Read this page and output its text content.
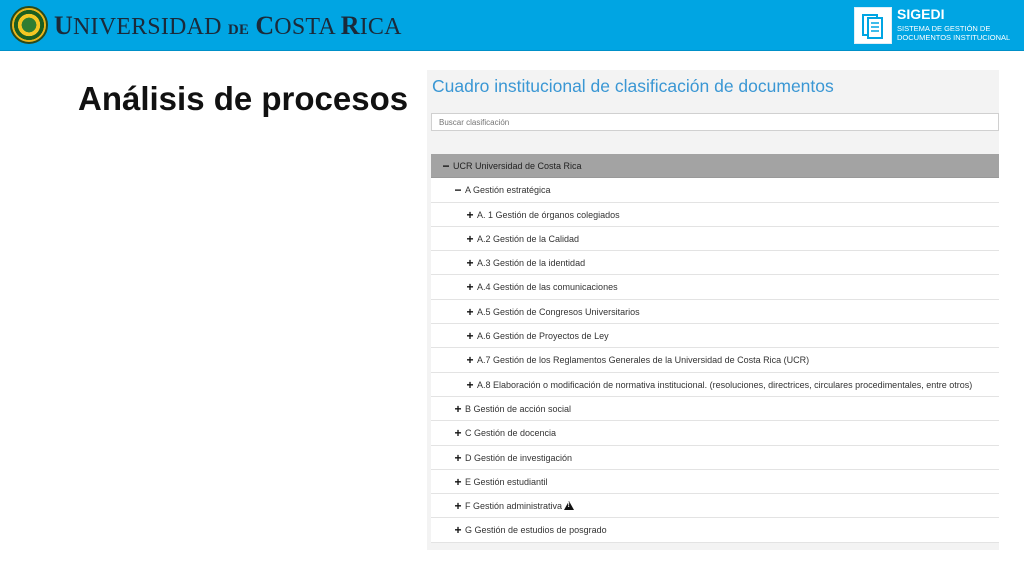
UNIVERSIDAD DE COSTA RICA	SIGEDI
SISTEMA DE GESTIÓN DE
DOCUMENTOS INSTITUCIONAL
Análisis de procesos Cuadro institucional de clasificación de documentos
Buscar clasificación
− UCR Universidad de Costa Rica
− A Gestión estratégica
+ A. 1 Gestión de órganos colegiados
+ A.2 Gestión de la Calidad
+ A.3 Gestión de la identidad
+ A.4 Gestión de las comunicaciones
+ A.5 Gestión de Congresos Universitarios
+ A.6 Gestión de Proyectos de Ley
+ A.7 Gestión de los Reglamentos Generales de la Universidad de Costa Rica (UCR)
+ A.8 Elaboración o modificación de normativa institucional. (resoluciones, directrices, circulares procedimentales, entre otros)
+ B Gestión de acción social
+ C Gestión de docencia
+ D Gestión de investigación
+ E Gestión estudiantil
+ F Gestión administrativa!
+ G Gestión de estudios de posgrado
